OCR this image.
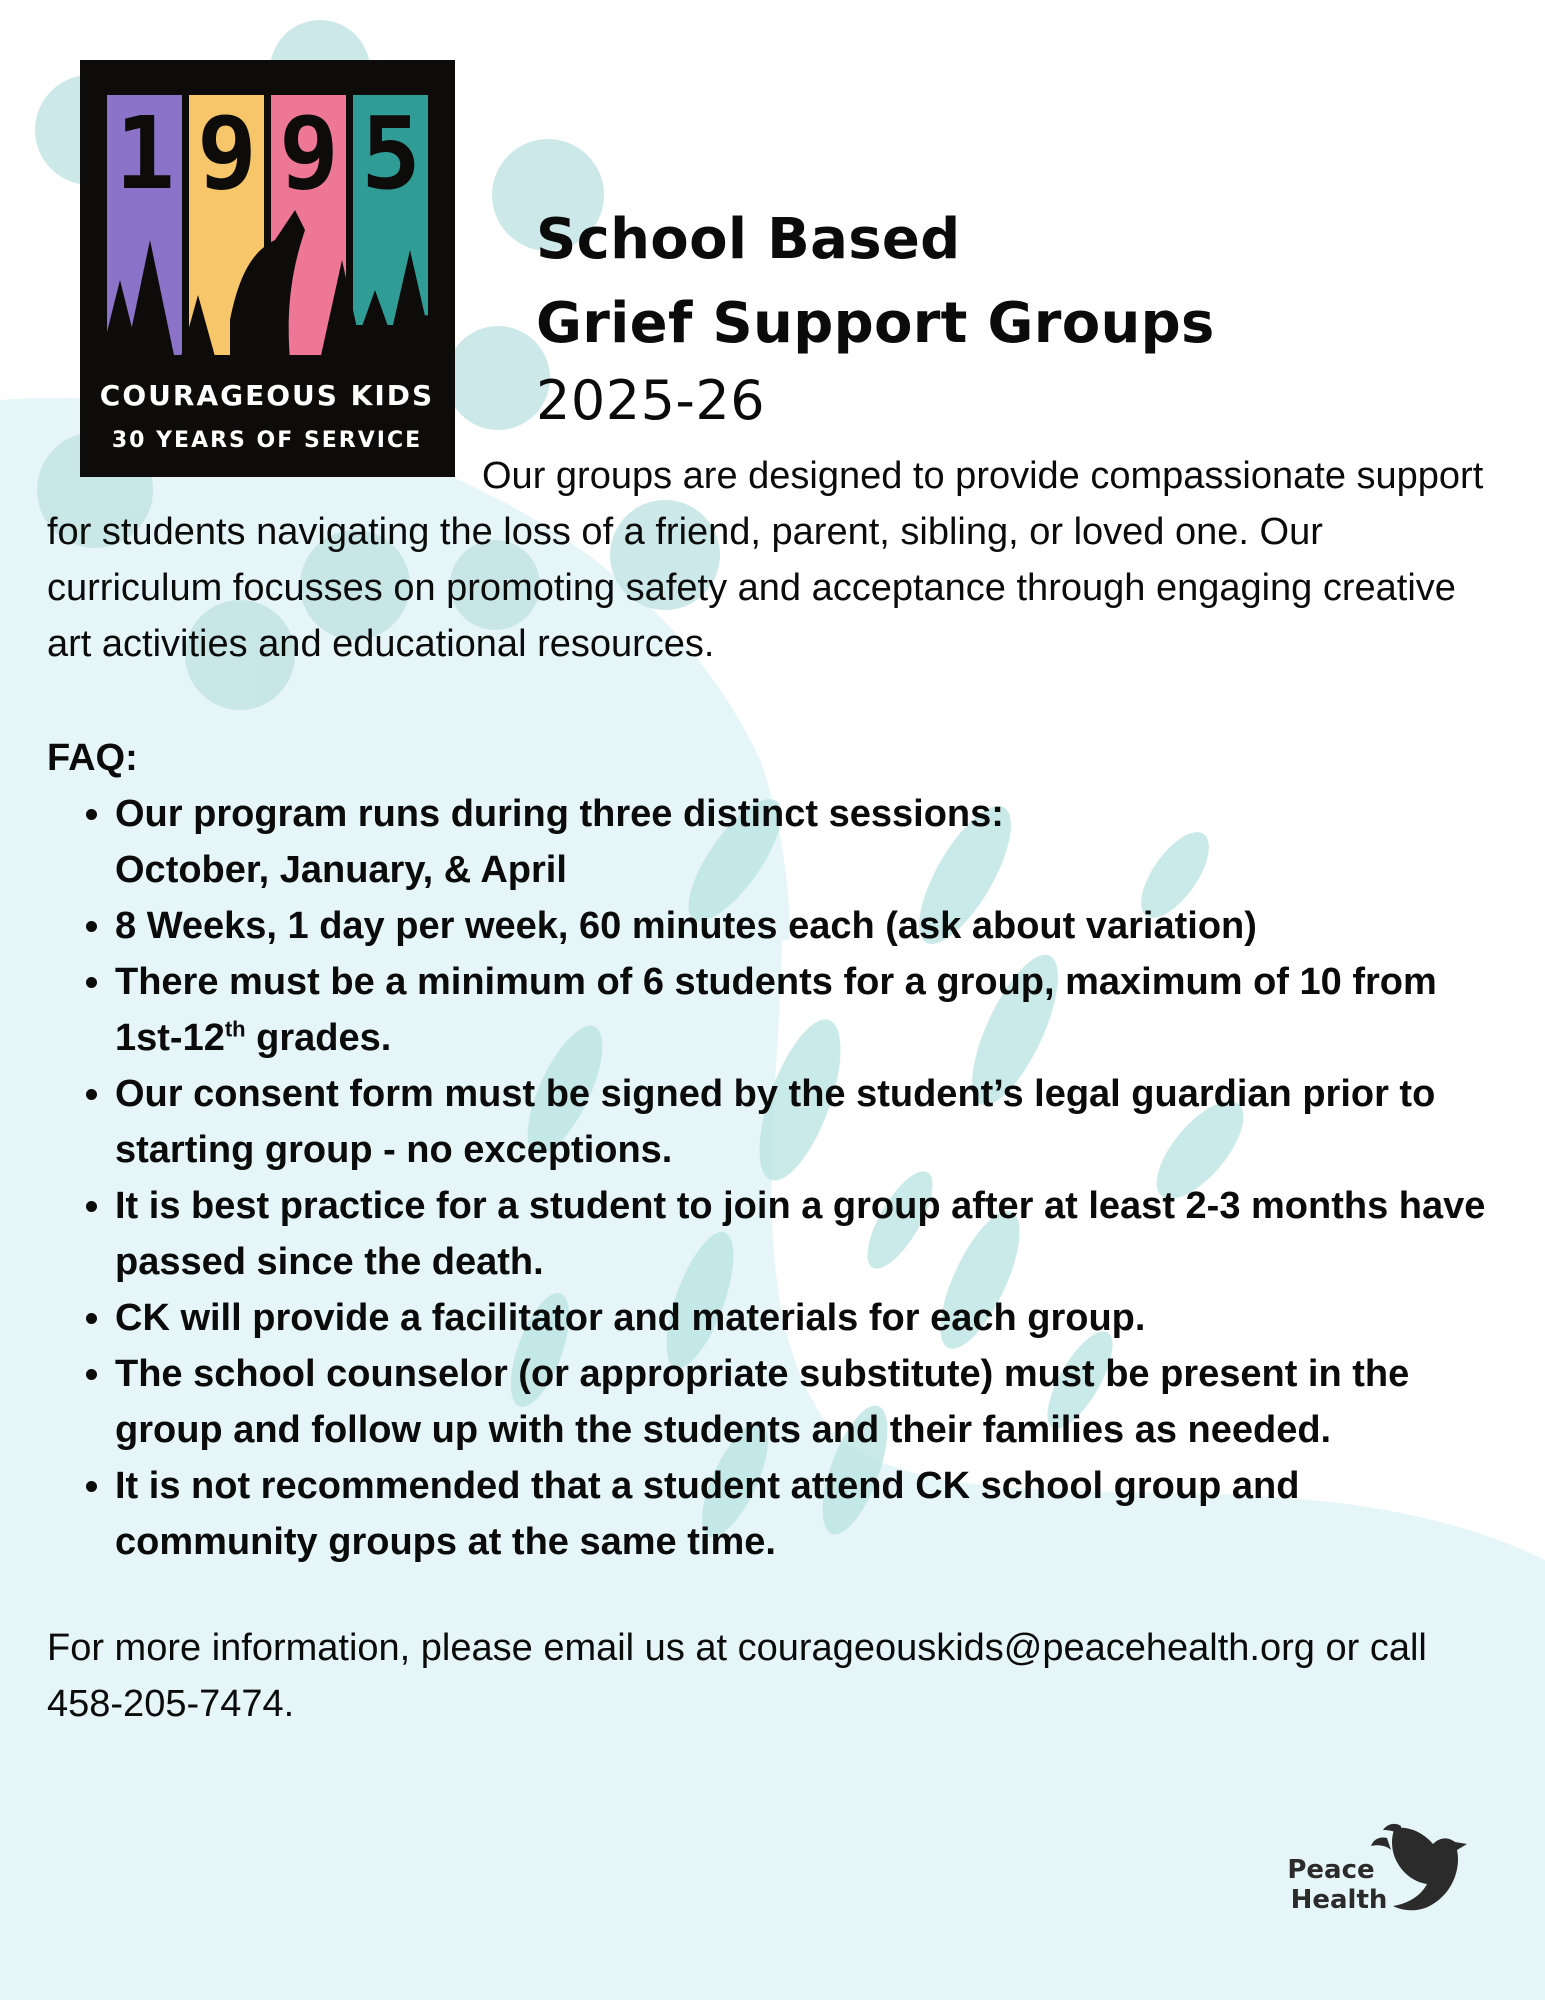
1 9 9 5
COURAGEOUS KIDS
30 YEARS OF SERVICE
School Based
Grief Support Groups
2025-26

Our groups are designed to provide compassionate support for students navigating the loss of a friend, parent, sibling, or loved one. Our curriculum focusses on promoting safety and acceptance through engaging creative art activities and educational resources.

FAQ:
• Our program runs during three distinct sessions:
October, January, & April
• 8 Weeks, 1 day per week, 60 minutes each (ask about variation)
• There must be a minimum of 6 students for a group, maximum of 10 from 1st-12th grades.
• Our consent form must be signed by the student’s legal guardian prior to starting group - no exceptions.
• It is best practice for a student to join a group after at least 2-3 months have passed since the death.
• CK will provide a facilitator and materials for each group.
• The school counselor (or appropriate substitute) must be present in the group and follow up with the students and their families as needed.
• It is not recommended that a student attend CK school group and community groups at the same time.

For more information, please email us at courageouskids@peacehealth.org or call 458-205-7474.

Peace
Health
